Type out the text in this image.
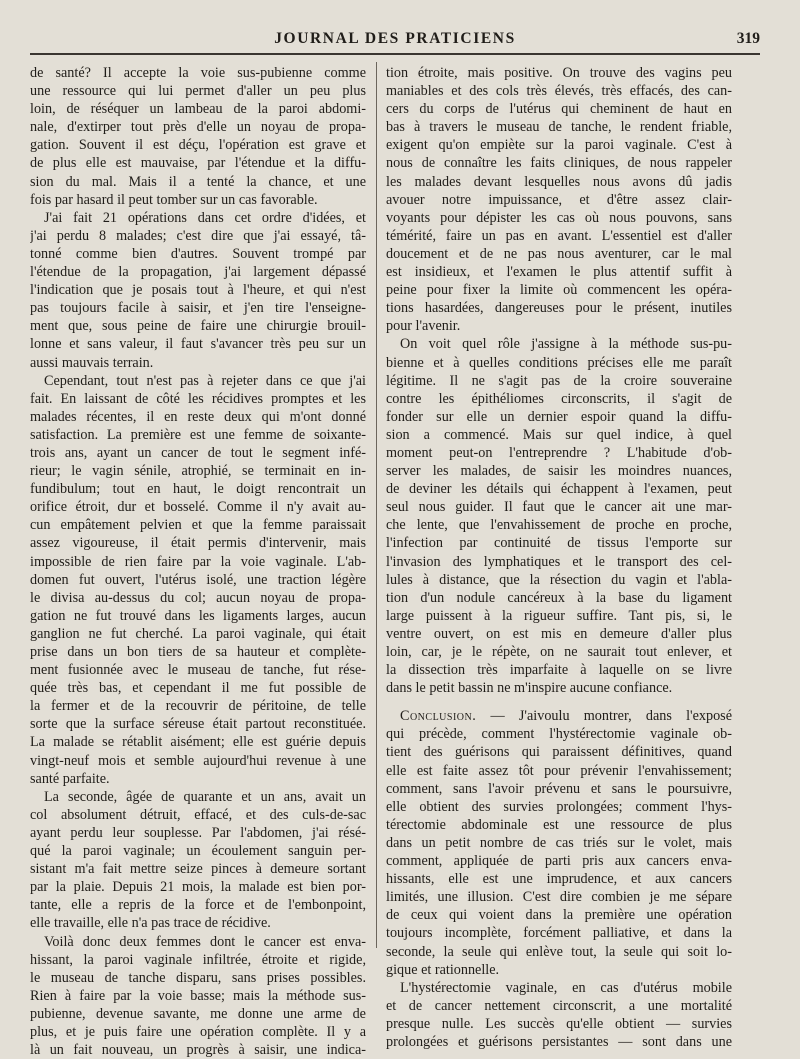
JOURNAL DES PRATICIENS	319
de santé? Il accepte la voie sus-pubienne comme
une ressource qui lui permet d'aller un peu plus
loin, de réséquer un lambeau de la paroi abdomi-
nale, d'extirper tout près d'elle un noyau de propa-
gation. Souvent il est déçu, l'opération est grave et
de plus elle est mauvaise, par l'étendue et la diffu-
sion du mal. Mais il a tenté la chance, et une
fois par hasard il peut tomber sur un cas favorable.
J'ai fait 21 opérations dans cet ordre d'idées, et
j'ai perdu 8 malades; c'est dire que j'ai essayé, tâ-
tonné comme bien d'autres. Souvent trompé par
l'étendue de la propagation, j'ai largement dépassé
l'indication que je posais tout à l'heure, et qui n'est
pas toujours facile à saisir, et j'en tire l'enseigne-
ment que, sous peine de faire une chirurgie brouil-
lonne et sans valeur, il faut s'avancer très peu sur un
aussi mauvais terrain.
Cependant, tout n'est pas à rejeter dans ce que j'ai
fait. En laissant de côté les récidives promptes et les
malades récentes, il en reste deux qui m'ont donné
satisfaction. La première est une femme de soixante-
trois ans, ayant un cancer de tout le segment infé-
rieur; le vagin sénile, atrophié, se terminait en in-
fundibulum; tout en haut, le doigt rencontrait un
orifice étroit, dur et bosselé. Comme il n'y avait au-
cun empâtement pelvien et que la femme paraissait
assez vigoureuse, il était permis d'intervenir, mais
impossible de rien faire par la voie vaginale. L'ab-
domen fut ouvert, l'utérus isolé, une traction légère
le divisa au-dessus du col; aucun noyau de propa-
gation ne fut trouvé dans les ligaments larges, aucun
ganglion ne fut cherché. La paroi vaginale, qui était
prise dans un bon tiers de sa hauteur et complète-
ment fusionnée avec le museau de tanche, fut rése-
quée très bas, et cependant il me fut possible de
la fermer et de la recouvrir de péritoine, de telle
sorte que la surface séreuse était partout reconstituée.
La malade se rétablit aisément; elle est guérie depuis
vingt-neuf mois et semble aujourd'hui revenue à une
santé parfaite.
La seconde, âgée de quarante et un ans, avait un
col absolument détruit, effacé, et des culs-de-sac
ayant perdu leur souplesse. Par l'abdomen, j'ai résé-
qué la paroi vaginale; un écoulement sanguin per-
sistant m'a fait mettre seize pinces à demeure sortant
par la plaie. Depuis 21 mois, la malade est bien por-
tante, elle a repris de la force et de l'embonpoint,
elle travaille, elle n'a pas trace de récidive.
Voilà donc deux femmes dont le cancer est enva-
hissant, la paroi vaginale infiltrée, étroite et rigide,
le museau de tanche disparu, sans prises possibles.
Rien à faire par la voie basse; mais la méthode sus-
pubienne, devenue savante, me donne une arme de
plus, et je puis faire une opération complète. Il y a
là un fait nouveau, un progrès à saisir, une indica-
tion étroite, mais positive. On trouve des vagins peu
maniables et des cols très élevés, très effacés, des can-
cers du corps de l'utérus qui cheminent de haut en
bas à travers le museau de tanche, le rendent friable,
exigent qu'on empiète sur la paroi vaginale. C'est à
nous de connaître les faits cliniques, de nous rappeler
les malades devant lesquelles nous avons dû jadis
avouer notre impuissance, et d'être assez clair-
voyants pour dépister les cas où nous pouvons, sans
témérité, faire un pas en avant. L'essentiel est d'aller
doucement et de ne pas nous aventurer, car le mal
est insidieux, et l'examen le plus attentif suffit à
peine pour fixer la limite où commencent les opéra-
tions hasardées, dangereuses pour le présent, inutiles
pour l'avenir.
On voit quel rôle j'assigne à la méthode sus-pu-
bienne et à quelles conditions précises elle me paraît
légitime. Il ne s'agit pas de la croire souveraine
contre les épithéliomes circonscrits, il s'agit de
fonder sur elle un dernier espoir quand la diffu-
sion a commencé. Mais sur quel indice, à quel
moment peut-on l'entreprendre ? L'habitude d'ob-
server les malades, de saisir les moindres nuances,
de deviner les détails qui échappent à l'examen, peut
seul nous guider. Il faut que le cancer ait une mar-
che lente, que l'envahissement de proche en proche,
l'infection par continuité de tissus l'emporte sur
l'invasion des lymphatiques et le transport des cel-
lules à distance, que la résection du vagin et l'abla-
tion d'un nodule cancéreux à la base du ligament
large puissent à la rigueur suffire. Tant pis, si, le
ventre ouvert, on est mis en demeure d'aller plus
loin, car, je le répète, on ne saurait tout enlever, et
la dissection très imparfaite à laquelle on se livre
dans le petit bassin ne m'inspire aucune confiance.
Conclusion. — J'aivoulu montrer, dans l'exposé
qui précède, comment l'hystérectomie vaginale ob-
tient des guérisons qui paraissent définitives, quand
elle est faite assez tôt pour prévenir l'envahissement;
comment, sans l'avoir prévenu et sans le poursuivre,
elle obtient des survies prolongées; comment l'hys-
térectomie abdominale est une ressource de plus
dans un petit nombre de cas triés sur le volet, mais
comment, appliquée de parti pris aux cancers enva-
hissants, elle est une imprudence, et aux cancers
limités, une illusion. C'est dire combien je me sépare
de ceux qui voient dans la première une opération
toujours incomplète, forcément palliative, et dans la
seconde, la seule qui enlève tout, la seule qui soit lo-
gique et rationnelle.
L'hystérectomie vaginale, en cas d'utérus mobile
et de cancer nettement circonscrit, a une mortalité
presque nulle. Les succès qu'elle obtient — survies
prolongées et guérisons persistantes — sont dans une
